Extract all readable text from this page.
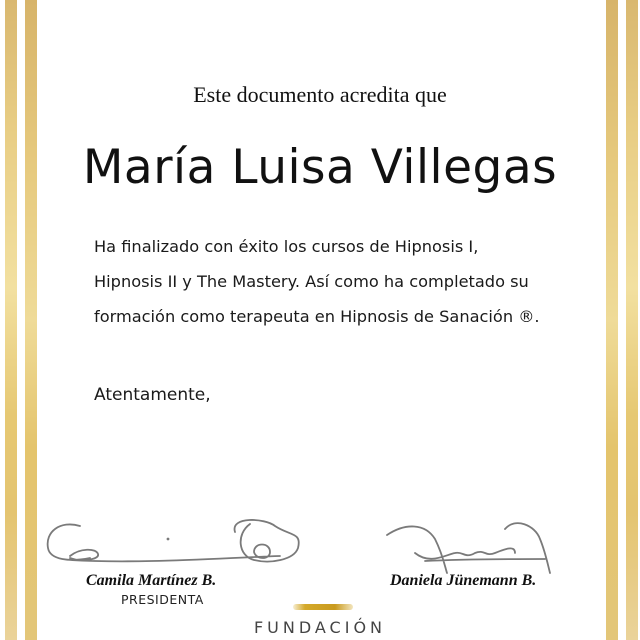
Este documento acredita que
María Luisa Villegas
Ha finalizado con éxito los cursos de Hipnosis I,
Hipnosis II y The Mastery. Así como ha completado su
formación como terapeuta en Hipnosis de Sanación ®.
Atentamente,
Camila Martínez B.
PRESIDENTA
Daniela Jünemann B.
FUNDACIÓN
